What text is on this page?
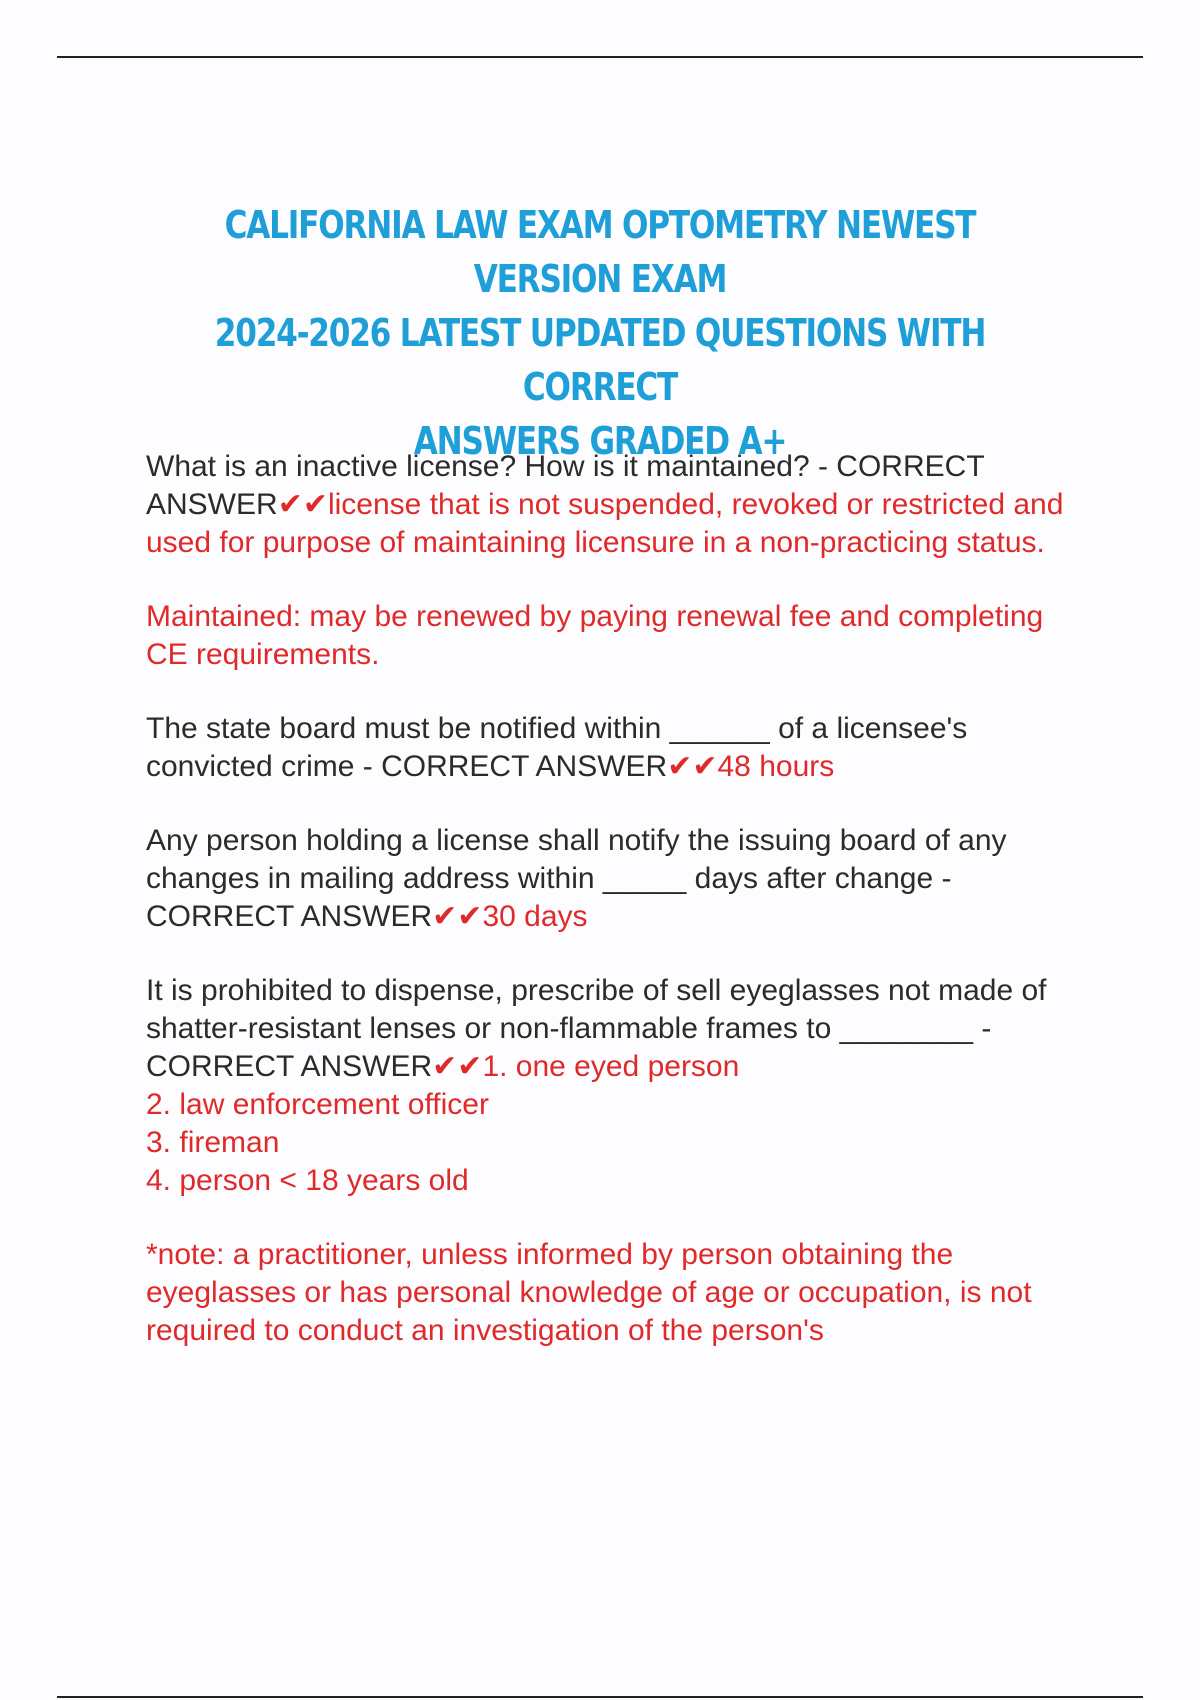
CALIFORNIA LAW EXAM OPTOMETRY NEWEST VERSION EXAM
2024-2026 LATEST UPDATED QUESTIONS WITH CORRECT
ANSWERS GRADED A+
What is an inactive license? How is it maintained? - CORRECT ANSWER✔✔license that is not suspended, revoked or restricted and used for purpose of maintaining licensure in a non-practicing status.
Maintained: may be renewed by paying renewal fee and completing CE requirements.
The state board must be notified within ______ of a licensee's convicted crime - CORRECT ANSWER✔✔48 hours
Any person holding a license shall notify the issuing board of any changes in mailing address within _____ days after change - CORRECT ANSWER✔✔30 days
It is prohibited to dispense, prescribe of sell eyeglasses not made of shatter-resistant lenses or non-flammable frames to ________ - CORRECT ANSWER✔✔1. one eyed person
2. law enforcement officer
3. fireman
4. person < 18 years old
*note: a practitioner, unless informed by person obtaining the eyeglasses or has personal knowledge of age or occupation, is not required to conduct an investigation of the person's
